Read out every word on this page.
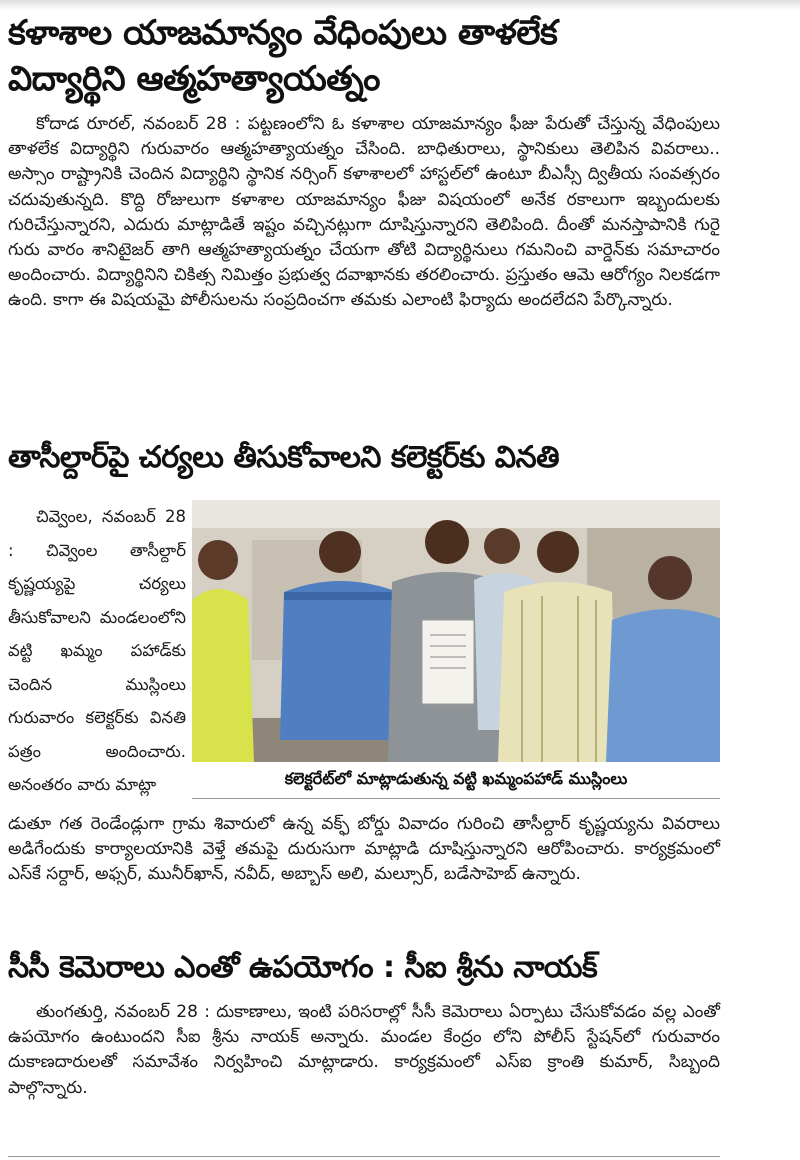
కళాశాల యాజమాన్యం వేధింపులు తాళలేక
విద్యార్థిని ఆత్మహత్యాయత్నం

కోదాడ రూరల్, నవంబర్ 28 : పట్టణంలోని ఓ కళాశాల యాజమాన్యం ఫీజు పేరుతో చేస్తున్న వేధింపులు తాళలేక విద్యార్థిని గురువారం ఆత్మహత్యాయత్నం చేసింది. బాధితురాలు, స్థానికులు తెలిపిన వివరాలు.. అస్సాం రాష్ట్రానికి చెందిన విద్యార్థిని స్థానిక నర్సింగ్ కళాశాలలో హాస్టల్‌లో ఉంటూ బీఎస్సీ ద్వితీయ సంవత్సరం చదువుతున్నది. కొద్ది రోజులుగా కళాశాల యాజమాన్యం ఫీజు విషయంలో అనేక రకాలుగా ఇబ్బందులకు గురిచేస్తున్నారని, ఎదురు మాట్లాడితే ఇష్టం వచ్చినట్లుగా దూషిస్తున్నారని తెలిపింది. దీంతో మనస్తాపానికి గురై గురు వారం శానిటైజర్ తాగి ఆత్మహత్యాయత్నం చేయగా తోటి విద్యార్థినులు గమనించి వార్డెన్‌కు సమాచారం అందించారు. విద్యార్థినిని చికిత్స నిమిత్తం ప్రభుత్వ దవాఖానకు తరలించారు. ప్రస్తుతం ఆమె ఆరోగ్యం నిలకడగా ఉంది. కాగా ఈ విషయమై పోలీసులను సంప్రదించగా తమకు ఎలాంటి ఫిర్యాదు అందలేదని పేర్కొన్నారు.

తాసీల్దార్‌పై చర్యలు తీసుకోవాలని కలెక్టర్‌కు వినతి

చివ్వెంల, నవంబర్ 28 : చివ్వెంల తాసీల్దార్ కృష్ణయ్యపై చర్యలు తీసుకోవాలని మండలంలోని వట్టి ఖమ్మం పహాడ్‌కు చెందిన ముస్లింలు గురువారం కలెక్టర్‌కు వినతి పత్రం అందించారు. అనంతరం వారు మాట్లా	కలెక్టరేట్‌లో మాట్లాడుతున్న వట్టి ఖమ్మంపహాడ్ ముస్లింలు

డుతూ గత రెండేండ్లుగా గ్రామ శివారులో ఉన్న వక్ఫ్ బోర్డు వివాదం గురించి తాసీల్దార్ కృష్ణయ్యను వివరాలు అడిగేందుకు కార్యాలయానికి వెళ్తే తమపై దురుసుగా మాట్లాడి దూషిస్తున్నారని ఆరోపించారు. కార్యక్రమంలో ఎస్‌కే సర్దార్, అఫ్సర్, మునీర్‌ఖాన్, నవీద్, అబ్బాస్ అలి, మల్సూర్, బడేసాహెబ్ ఉన్నారు.

సీసీ కెమెరాలు ఎంతో ఉపయోగం : సీఐ శ్రీను నాయక్

తుంగతుర్తి, నవంబర్ 28 : దుకాణాలు, ఇంటి పరిసరాల్లో సీసీ కెమెరాలు ఏర్పాటు చేసుకోవడం వల్ల ఎంతో ఉపయోగం ఉంటుందని సీఐ శ్రీను నాయక్ అన్నారు. మండల కేంద్రం లోని పోలీస్ స్టేషన్‌లో గురువారం దుకాణదారులతో సమావేశం నిర్వహించి మాట్లాడారు. కార్యక్రమంలో ఎస్ఐ క్రాంతి కుమార్, సిబ్బంది పాల్గొన్నారు.
